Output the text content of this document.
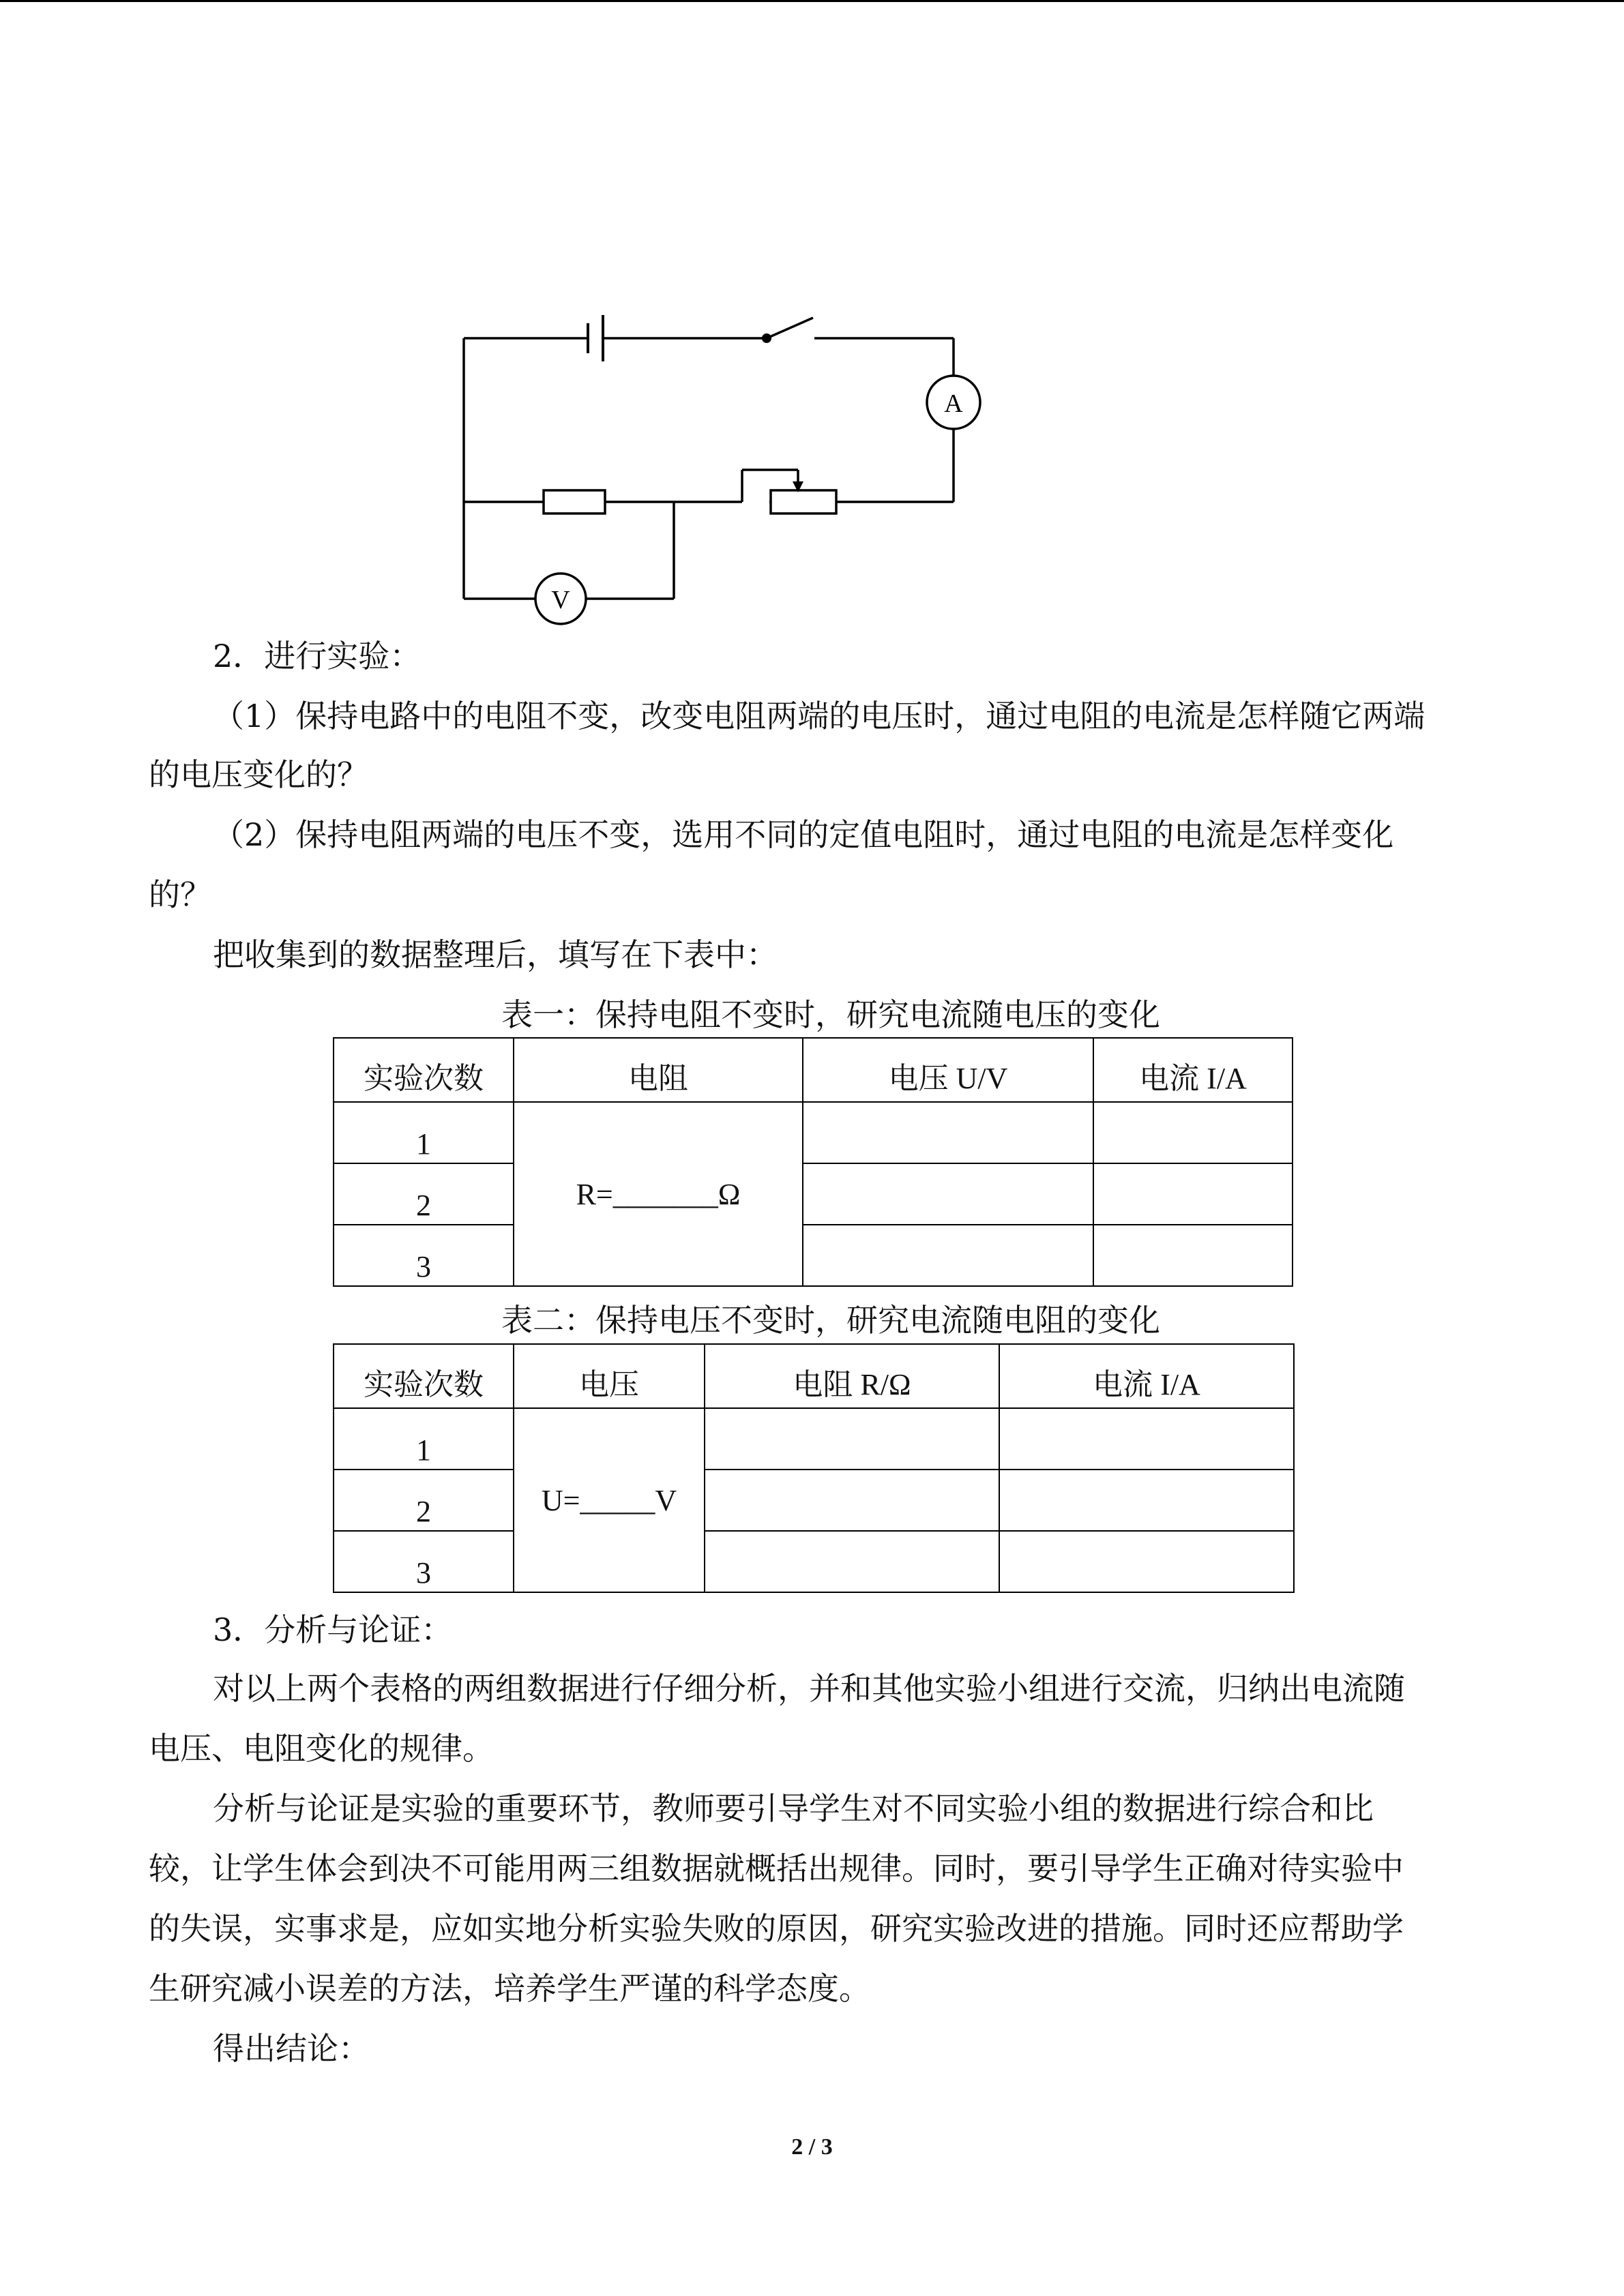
A
V
2．进行实验：
（1）保持电路中的电阻不变，改变电阻两端的电压时，通过电阻的电流是怎样随它两端
的电压变化的？
（2）保持电阻两端的电压不变，选用不同的定值电阻时，通过电阻的电流是怎样变化
的？
把收集到的数据整理后，填写在下表中：
表一：保持电阻不变时，研究电流随电压的变化
实验次数	电阻	电压 U/V	电流 I/A
1	R=_______Ω		
2			
3			
表二：保持电压不变时，研究电流随电阻的变化
实验次数	电压	电阻 R/Ω	电流 I/A
1	U=_____V		
2			
3			
3．分析与论证：
对以上两个表格的两组数据进行仔细分析，并和其他实验小组进行交流，归纳出电流随
电压、电阻变化的规律。
分析与论证是实验的重要环节，教师要引导学生对不同实验小组的数据进行综合和比
较，让学生体会到决不可能用两三组数据就概括出规律。同时，要引导学生正确对待实验中
的失误，实事求是，应如实地分析实验失败的原因，研究实验改进的措施。同时还应帮助学
生研究减小误差的方法，培养学生严谨的科学态度。
得出结论：
2 / 3
